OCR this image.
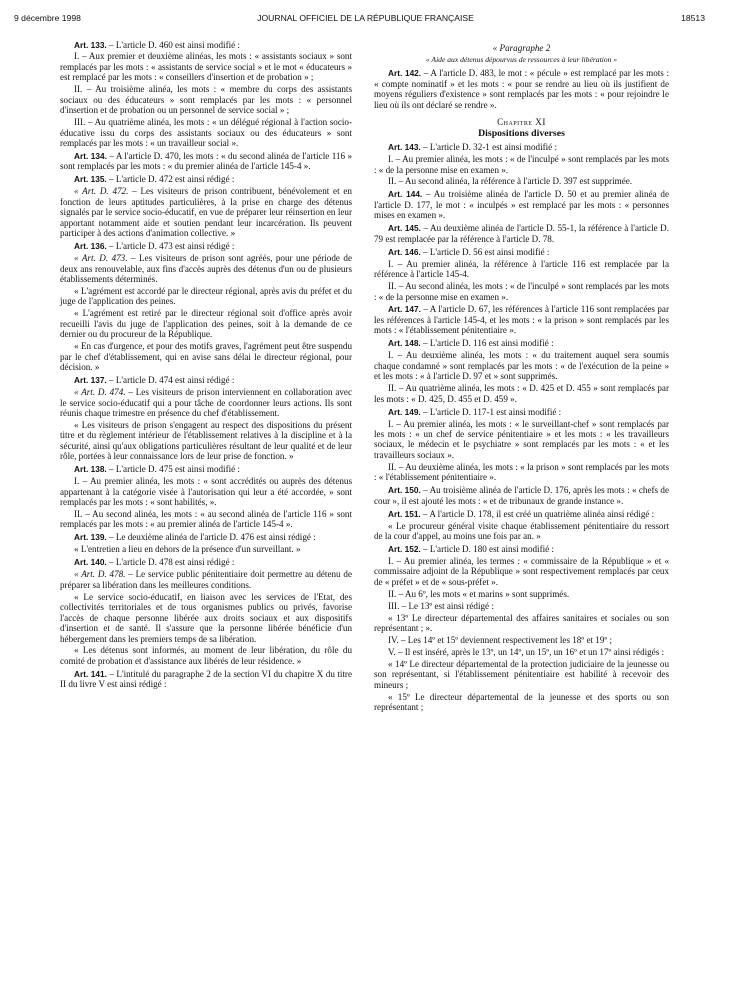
9 décembre 1998	JOURNAL OFFICIEL DE LA RÉPUBLIQUE FRANÇAISE	18513

Art. 133. – L'article D. 460 est ainsi modifié :

I. – Aux premier et deuxième alinéas, les mots : « assistants sociaux » sont remplacés par les mots : « assistants de service social » et le mot « éducateurs » est remplacé par les mots : « conseillers d'insertion et de probation » ;

II. – Au troisième alinéa, les mots : « membre du corps des assistants sociaux ou des éducateurs » sont remplacés par les mots : « personnel d'insertion et de probation ou un personnel de service social » ;

III. – Au quatrième alinéa, les mots : « un délégué régional à l'action socio-éducative issu du corps des assistants sociaux ou des éducateurs » sont remplacés par les mots : « un travailleur social ».

Art. 134. – A l'article D. 470, les mots : « du second alinéa de l'article 116 » sont remplacés par les mots : « du premier alinéa de l'article 145-4 ».

Art. 135. – L'article D. 472 est ainsi rédigé :

« Art. D. 472. – Les visiteurs de prison contribuent, bénévolement et en fonction de leurs aptitudes particulières, à la prise en charge des détenus signalés par le service socio-éducatif, en vue de préparer leur réinsertion en leur apportant notamment aide et soutien pendant leur incarcération. Ils peuvent participer à des actions d'animation collective. »

Art. 136. – L'article D. 473 est ainsi rédigé :

« Art. D. 473. – Les visiteurs de prison sont agréés, pour une période de deux ans renouvelable, aux fins d'accès auprès des détenus d'un ou de plusieurs établissements déterminés.

« L'agrément est accordé par le directeur régional, après avis du préfet et du juge de l'application des peines.

« L'agrément est retiré par le directeur régional soit d'office après avoir recueilli l'avis du juge de l'application des peines, soit à la demande de ce dernier ou du procureur de la République.

« En cas d'urgence, et pour des motifs graves, l'agrément peut être suspendu par le chef d'établissement, qui en avise sans délai le directeur régional, pour décision. »

Art. 137. – L'article D. 474 est ainsi rédigé :

« Art. D. 474. – Les visiteurs de prison interviennent en collaboration avec le service socio-éducatif qui a pour tâche de coordonner leurs actions. Ils sont réunis chaque trimestre en présence du chef d'établissement.

« Les visiteurs de prison s'engagent au respect des dispositions du présent titre et du règlement intérieur de l'établissement relatives à la discipline et à la sécurité, ainsi qu'aux obligations particulières résultant de leur qualité et de leur rôle, portées à leur connaissance lors de leur prise de fonction. »

Art. 138. – L'article D. 475 est ainsi modifié :

I. – Au premier alinéa, les mots : « sont accrédités ou auprès des détenus appartenant à la catégorie visée à l'autorisation qui leur a été accordée, » sont remplacés par les mots : « sont habilités, ».

II. – Au second alinéa, les mots : « au second alinéa de l'article 116 » sont remplacés par les mots : « au premier alinéa de l'article 145-4 ».

Art. 139. – Le deuxième alinéa de l'article D. 476 est ainsi rédigé :

« L'entretien a lieu en dehors de la présence d'un surveillant. »

Art. 140. – L'article D. 478 est ainsi rédigé :

« Art. D. 478. – Le service public pénitentiaire doit permettre au détenu de préparer sa libération dans les meilleures conditions.

« Le service socio-éducatif, en liaison avec les services de l'Etat, des collectivités territoriales et de tous organismes publics ou privés, favorise l'accès de chaque personne libérée aux droits sociaux et aux dispositifs d'insertion et de santé. Il s'assure que la personne libérée bénéficie d'un hébergement dans les premiers temps de sa libération.

« Les détenus sont informés, au moment de leur libération, du rôle du comité de probation et d'assistance aux libérés de leur résidence. »

Art. 141. – L'intitulé du paragraphe 2 de la section VI du chapitre X du titre II du livre V est ainsi rédigé :

« Paragraphe 2

« Aide aux détenus dépourvus de ressources à leur libération »

Art. 142. – A l'article D. 483, le mot : « pécule » est remplacé par les mots : « compte nominatif » et les mots : « pour se rendre au lieu où ils justifient de moyens réguliers d'existence » sont remplacés par les mots : « pour rejoindre le lieu où ils ont déclaré se rendre ».

Chapitre XI

Dispositions diverses

Art. 143. – L'article D. 32-1 est ainsi modifié :

I. – Au premier alinéa, les mots : « de l'inculpé » sont remplacés par les mots : « de la personne mise en examen ».

II. – Au second alinéa, la référence à l'article D. 397 est supprimée.

Art. 144. – Au troisième alinéa de l'article D. 50 et au premier alinéa de l'article D. 177, le mot : « inculpés » est remplacé par les mots : « personnes mises en examen ».

Art. 145. – Au deuxième alinéa de l'article D. 55-1, la référence à l'article D. 79 est remplacée par la référence à l'article D. 78.

Art. 146. – L'article D. 56 est ainsi modifié :

I. – Au premier alinéa, la référence à l'article 116 est remplacée par la référence à l'article 145-4.

II. – Au second alinéa, les mots : « de l'inculpé » sont remplacés par les mots : « de la personne mise en examen ».

Art. 147. – A l'article D. 67, les références à l'article 116 sont remplacées par les références à l'article 145-4, et les mots : « la prison » sont remplacés par les mots : « l'établissement pénitentiaire ».

Art. 148. – L'article D. 116 est ainsi modifié :

I. – Au deuxième alinéa, les mots : « du traitement auquel sera soumis chaque condamné » sont remplacés par les mots : « de l'exécution de la peine » et les mots : « à l'article D. 97 et » sont supprimés.

II. – Au quatrième alinéa, les mots : « D. 425 et D. 455 » sont remplacés par les mots : « D. 425, D. 455 et D. 459 ».

Art. 149. – L'article D. 117-1 est ainsi modifié :

I. – Au premier alinéa, les mots : « le surveillant-chef » sont remplacés par les mots : « un chef de service pénitentiaire » et les mots : « les travailleurs sociaux, le médecin et le psychiatre » sont remplacés par les mots : « et les travailleurs sociaux ».

II. – Au deuxième alinéa, les mots : « la prison » sont remplacés par les mots : « l'établissement pénitentiaire ».

Art. 150. – Au troisième alinéa de l'article D. 176, après les mots : « chefs de cour », il est ajouté les mots : « et de tribunaux de grande instance ».

Art. 151. – A l'article D. 178, il est créé un quatrième alinéa ainsi rédigé :

« Le procureur général visite chaque établissement pénitentiaire du ressort de la cour d'appel, au moins une fois par an. »

Art. 152. – L'article D. 180 est ainsi modifié :

I. – Au premier alinéa, les termes : « commissaire de la République » et « commissaire adjoint de la République » sont respectivement remplacés par ceux de « préfet » et de « sous-préfet ».

II. – Au 6º, les mots « et marins » sont supprimés.

III. – Le 13º est ainsi rédigé :

« 13º Le directeur départemental des affaires sanitaires et sociales ou son représentant ; ».

IV. – Les 14º et 15º deviennent respectivement les 18º et 19º ;

V. – Il est inséré, après le 13º, un 14º, un 15º, un 16º et un 17º ainsi rédigés :

« 14º Le directeur départemental de la protection judiciaire de la jeunesse ou son représentant, si l'établissement pénitentiaire est habilité à recevoir des mineurs ;

« 15º Le directeur départemental de la jeunesse et des sports ou son représentant ;
